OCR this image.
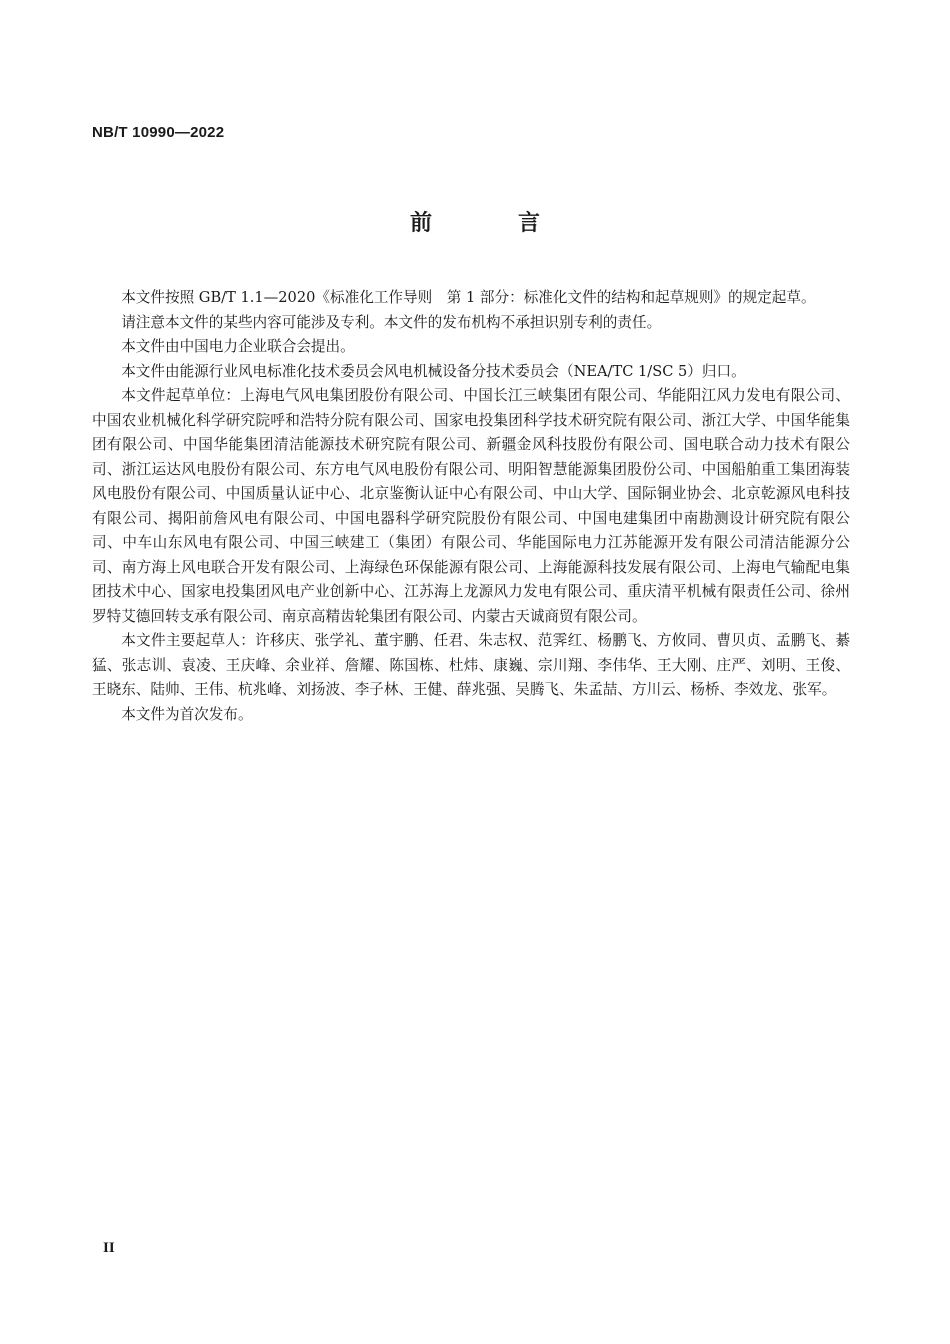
NB/T 10990—2022
前　言

本文件按照 GB/T 1.1—2020《标准化工作导则　第 1 部分：标准化文件的结构和起草规则》的规定起草。

请注意本文件的某些内容可能涉及专利。本文件的发布机构不承担识别专利的责任。

本文件由中国电力企业联合会提出。

本文件由能源行业风电标准化技术委员会风电机械设备分技术委员会（NEA/TC 1/SC 5）归口。

本文件起草单位：上海电气风电集团股份有限公司、中国长江三峡集团有限公司、华能阳江风力发电有限公司、中国农业机械化科学研究院呼和浩特分院有限公司、国家电投集团科学技术研究院有限公司、浙江大学、中国华能集团有限公司、中国华能集团清洁能源技术研究院有限公司、新疆金风科技股份有限公司、国电联合动力技术有限公司、浙江运达风电股份有限公司、东方电气风电股份有限公司、明阳智慧能源集团股份公司、中国船舶重工集团海装风电股份有限公司、中国质量认证中心、北京鉴衡认证中心有限公司、中山大学、国际铜业协会、北京乾源风电科技有限公司、揭阳前詹风电有限公司、中国电器科学研究院股份有限公司、中国电建集团中南勘测设计研究院有限公司、中车山东风电有限公司、中国三峡建工（集团）有限公司、华能国际电力江苏能源开发有限公司清洁能源分公司、南方海上风电联合开发有限公司、上海绿色环保能源有限公司、上海能源科技发展有限公司、上海电气输配电集团技术中心、国家电投集团风电产业创新中心、江苏海上龙源风力发电有限公司、重庆清平机械有限责任公司、徐州罗特艾德回转支承有限公司、南京高精齿轮集团有限公司、内蒙古天诚商贸有限公司。

本文件主要起草人：许移庆、张学礼、董宇鹏、任君、朱志权、范霁红、杨鹏飞、方攸同、曹贝贞、孟鹏飞、綦猛、张志训、袁凌、王庆峰、余业祥、詹耀、陈国栋、杜炜、康巍、宗川翔、李伟华、王大刚、庄严、刘明、王俊、王晓东、陆帅、王伟、杭兆峰、刘扬波、李子林、王健、薛兆强、吴腾飞、朱孟喆、方川云、杨桥、李效龙、张军。

本文件为首次发布。

II
